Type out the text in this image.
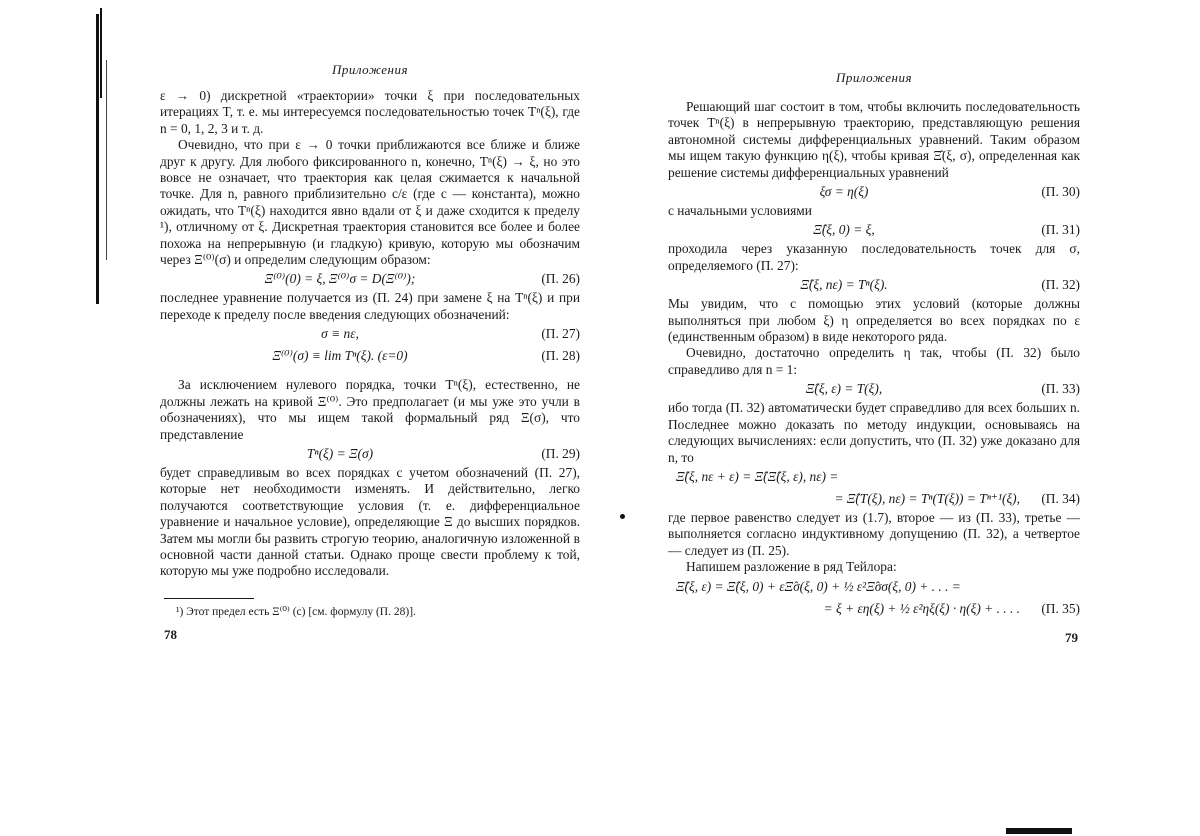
Приложения

ε → 0) дискретной «траектории» точки ξ при последовательных итерациях T, т. е. мы интересуемся последовательностью точек Tⁿ(ξ), где n = 0, 1, 2, 3 и т. д.

Очевидно, что при ε → 0 точки приближаются все ближе и ближе друг к другу. Для любого фиксированного n, конечно, Tⁿ(ξ) → ξ, но это вовсе не означает, что траектория как целая сжимается к начальной точке. Для n, равного приблизительно c/ε (где c — константа), можно ожидать, что Tⁿ(ξ) находится явно вдали от ξ и даже сходится к пределу ¹), отличному от ξ. Дискретная траектория становится все более и более похожа на непрерывную (и гладкую) кривую, которую мы обозначим через Ξ⁽⁰⁾(σ) и определим следующим образом:

Ξ⁽⁰⁾(0) = ξ, Ξ⁽⁰⁾σ = D(Ξ⁽⁰⁾);	(П. 26)

последнее уравнение получается из (П. 24) при замене ξ на Tⁿ(ξ) и при переходе к пределу после введения следующих обозначений:

σ ≡ nε,	(П. 27)
Ξ⁽⁰⁾(σ) ≡ lim Tⁿ(ξ). (ε=0)	(П. 28)

За исключением нулевого порядка, точки Tⁿ(ξ), естественно, не должны лежать на кривой Ξ⁽⁰⁾. Это предполагает (и мы уже это учли в обозначениях), что мы ищем такой формальный ряд Ξ(σ), что представление

Tⁿ(ξ) = Ξ(σ)	(П. 29)

будет справедливым во всех порядках с учетом обозначений (П. 27), которые нет необходимости изменять. И действительно, легко получаются соответствующие условия (т. е. дифференциальное уравнение и начальное условие), определяющие Ξ до высших порядков. Затем мы могли бы развить строгую теорию, аналогичную изложенной в основной части данной статьи. Однако проще свести проблему к той, которую мы уже подробно исследовали.

¹) Этот предел есть Ξ⁽⁰⁾ (c) [см. формулу (П. 28)].
78
Приложения

Решающий шаг состоит в том, чтобы включить последовательность точек Tⁿ(ξ) в непрерывную траекторию, представляющую решения автономной системы дифференциальных уравнений. Таким образом мы ищем такую функцию η(ξ), чтобы кривая Ξ̂(ξ, σ), определенная как решение системы дифференциальных уравнений

ξσ = η(ξ)	(П. 30)

с начальными условиями

Ξ̂(ξ, 0) = ξ,	(П. 31)

проходила через указанную последовательность точек для σ, определяемого (П. 27):

Ξ̂(ξ, nε) = Tⁿ(ξ).	(П. 32)

Мы увидим, что с помощью этих условий (которые должны выполняться при любом ξ) η определяется во всех порядках по ε (единственным образом) в виде некоторого ряда.

Очевидно, достаточно определить η так, чтобы (П. 32) было справедливо для n = 1:

Ξ̂(ξ, ε) = T(ξ),	(П. 33)

ибо тогда (П. 32) автоматически будет справедливо для всех больших n. Последнее можно доказать по методу индукции, основываясь на следующих вычислениях: если допустить, что (П. 32) уже доказано для n, то

Ξ̂(ξ, nε + ε) = Ξ̂(Ξ̂(ξ, ε), nε) =
= Ξ̂(T(ξ), nε) = Tⁿ(T(ξ)) = Tⁿ⁺¹(ξ),	(П. 34)

где первое равенство следует из (1.7), второе — из (П. 33), третье — выполняется согласно индуктивному допущению (П. 32), а четвертое — следует из (П. 25).

Напишем разложение в ряд Тейлора:

Ξ̂(ξ, ε) = Ξ̂(ξ, 0) + εΞ̂σ(ξ, 0) + ½ ε²Ξ̂σσ(ξ, 0) + . . . =
= ξ + εη(ξ) + ½ ε²ηξ(ξ) · η(ξ) + . . . .	(П. 35)
79
